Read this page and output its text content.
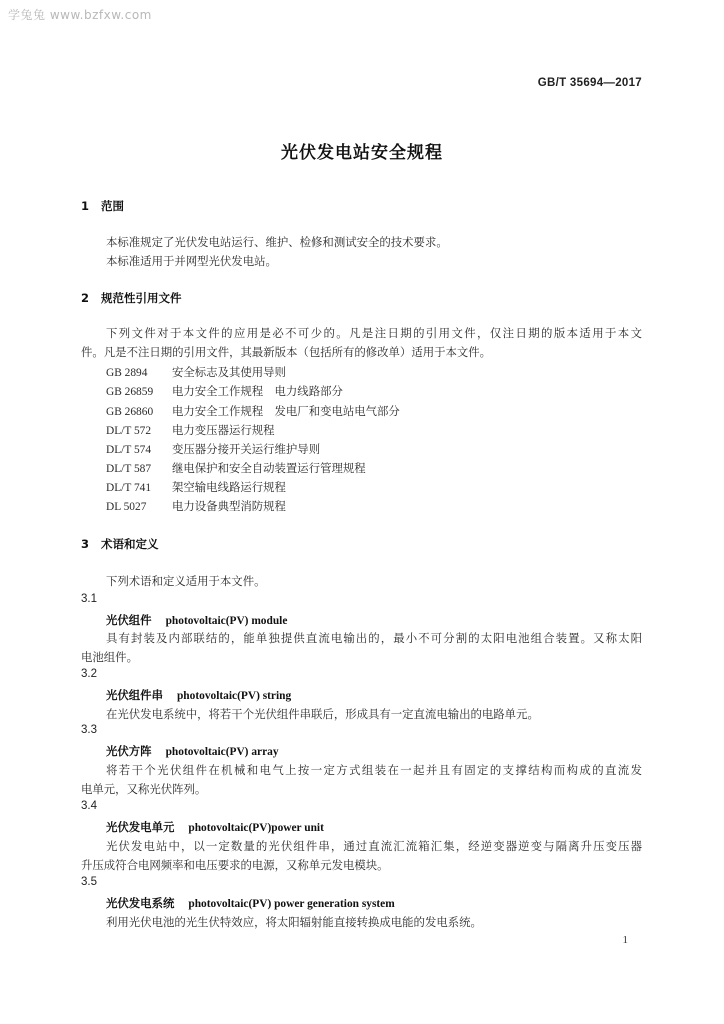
学兔兔 www.bzfxw.com
GB/T 35694—2017
光伏发电站安全规程
1 范围
本标准规定了光伏发电站运行、维护、检修和测试安全的技术要求。
本标准适用于并网型光伏发电站。
2 规范性引用文件
下列文件对于本文件的应用是必不可少的。凡是注日期的引用文件，仅注日期的版本适用于本文
件。凡是不注日期的引用文件，其最新版本（包括所有的修改单）适用于本文件。
GB 2894 安全标志及其使用导则
GB 26859 电力安全工作规程　电力线路部分
GB 26860 电力安全工作规程　发电厂和变电站电气部分
DL/T 572 电力变压器运行规程
DL/T 574 变压器分接开关运行维护导则
DL/T 587 继电保护和安全自动装置运行管理规程
DL/T 741 架空输电线路运行规程
DL 5027 电力设备典型消防规程
3 术语和定义
下列术语和定义适用于本文件。
3.1
光伏组件 photovoltaic(PV) module
具有封装及内部联结的，能单独提供直流电输出的，最小不可分割的太阳电池组合装置。又称太阳
电池组件。
3.2
光伏组件串 photovoltaic(PV) string
在光伏发电系统中，将若干个光伏组件串联后，形成具有一定直流电输出的电路单元。
3.3
光伏方阵 photovoltaic(PV) array
将若干个光伏组件在机械和电气上按一定方式组装在一起并且有固定的支撑结构而构成的直流发
电单元，又称光伏阵列。
3.4
光伏发电单元 photovoltaic(PV)power unit
光伏发电站中，以一定数量的光伏组件串，通过直流汇流箱汇集，经逆变器逆变与隔离升压变压器
升压成符合电网频率和电压要求的电源，又称单元发电模块。
3.5
光伏发电系统 photovoltaic(PV) power generation system
利用光伏电池的光生伏特效应，将太阳辐射能直接转换成电能的发电系统。
1
